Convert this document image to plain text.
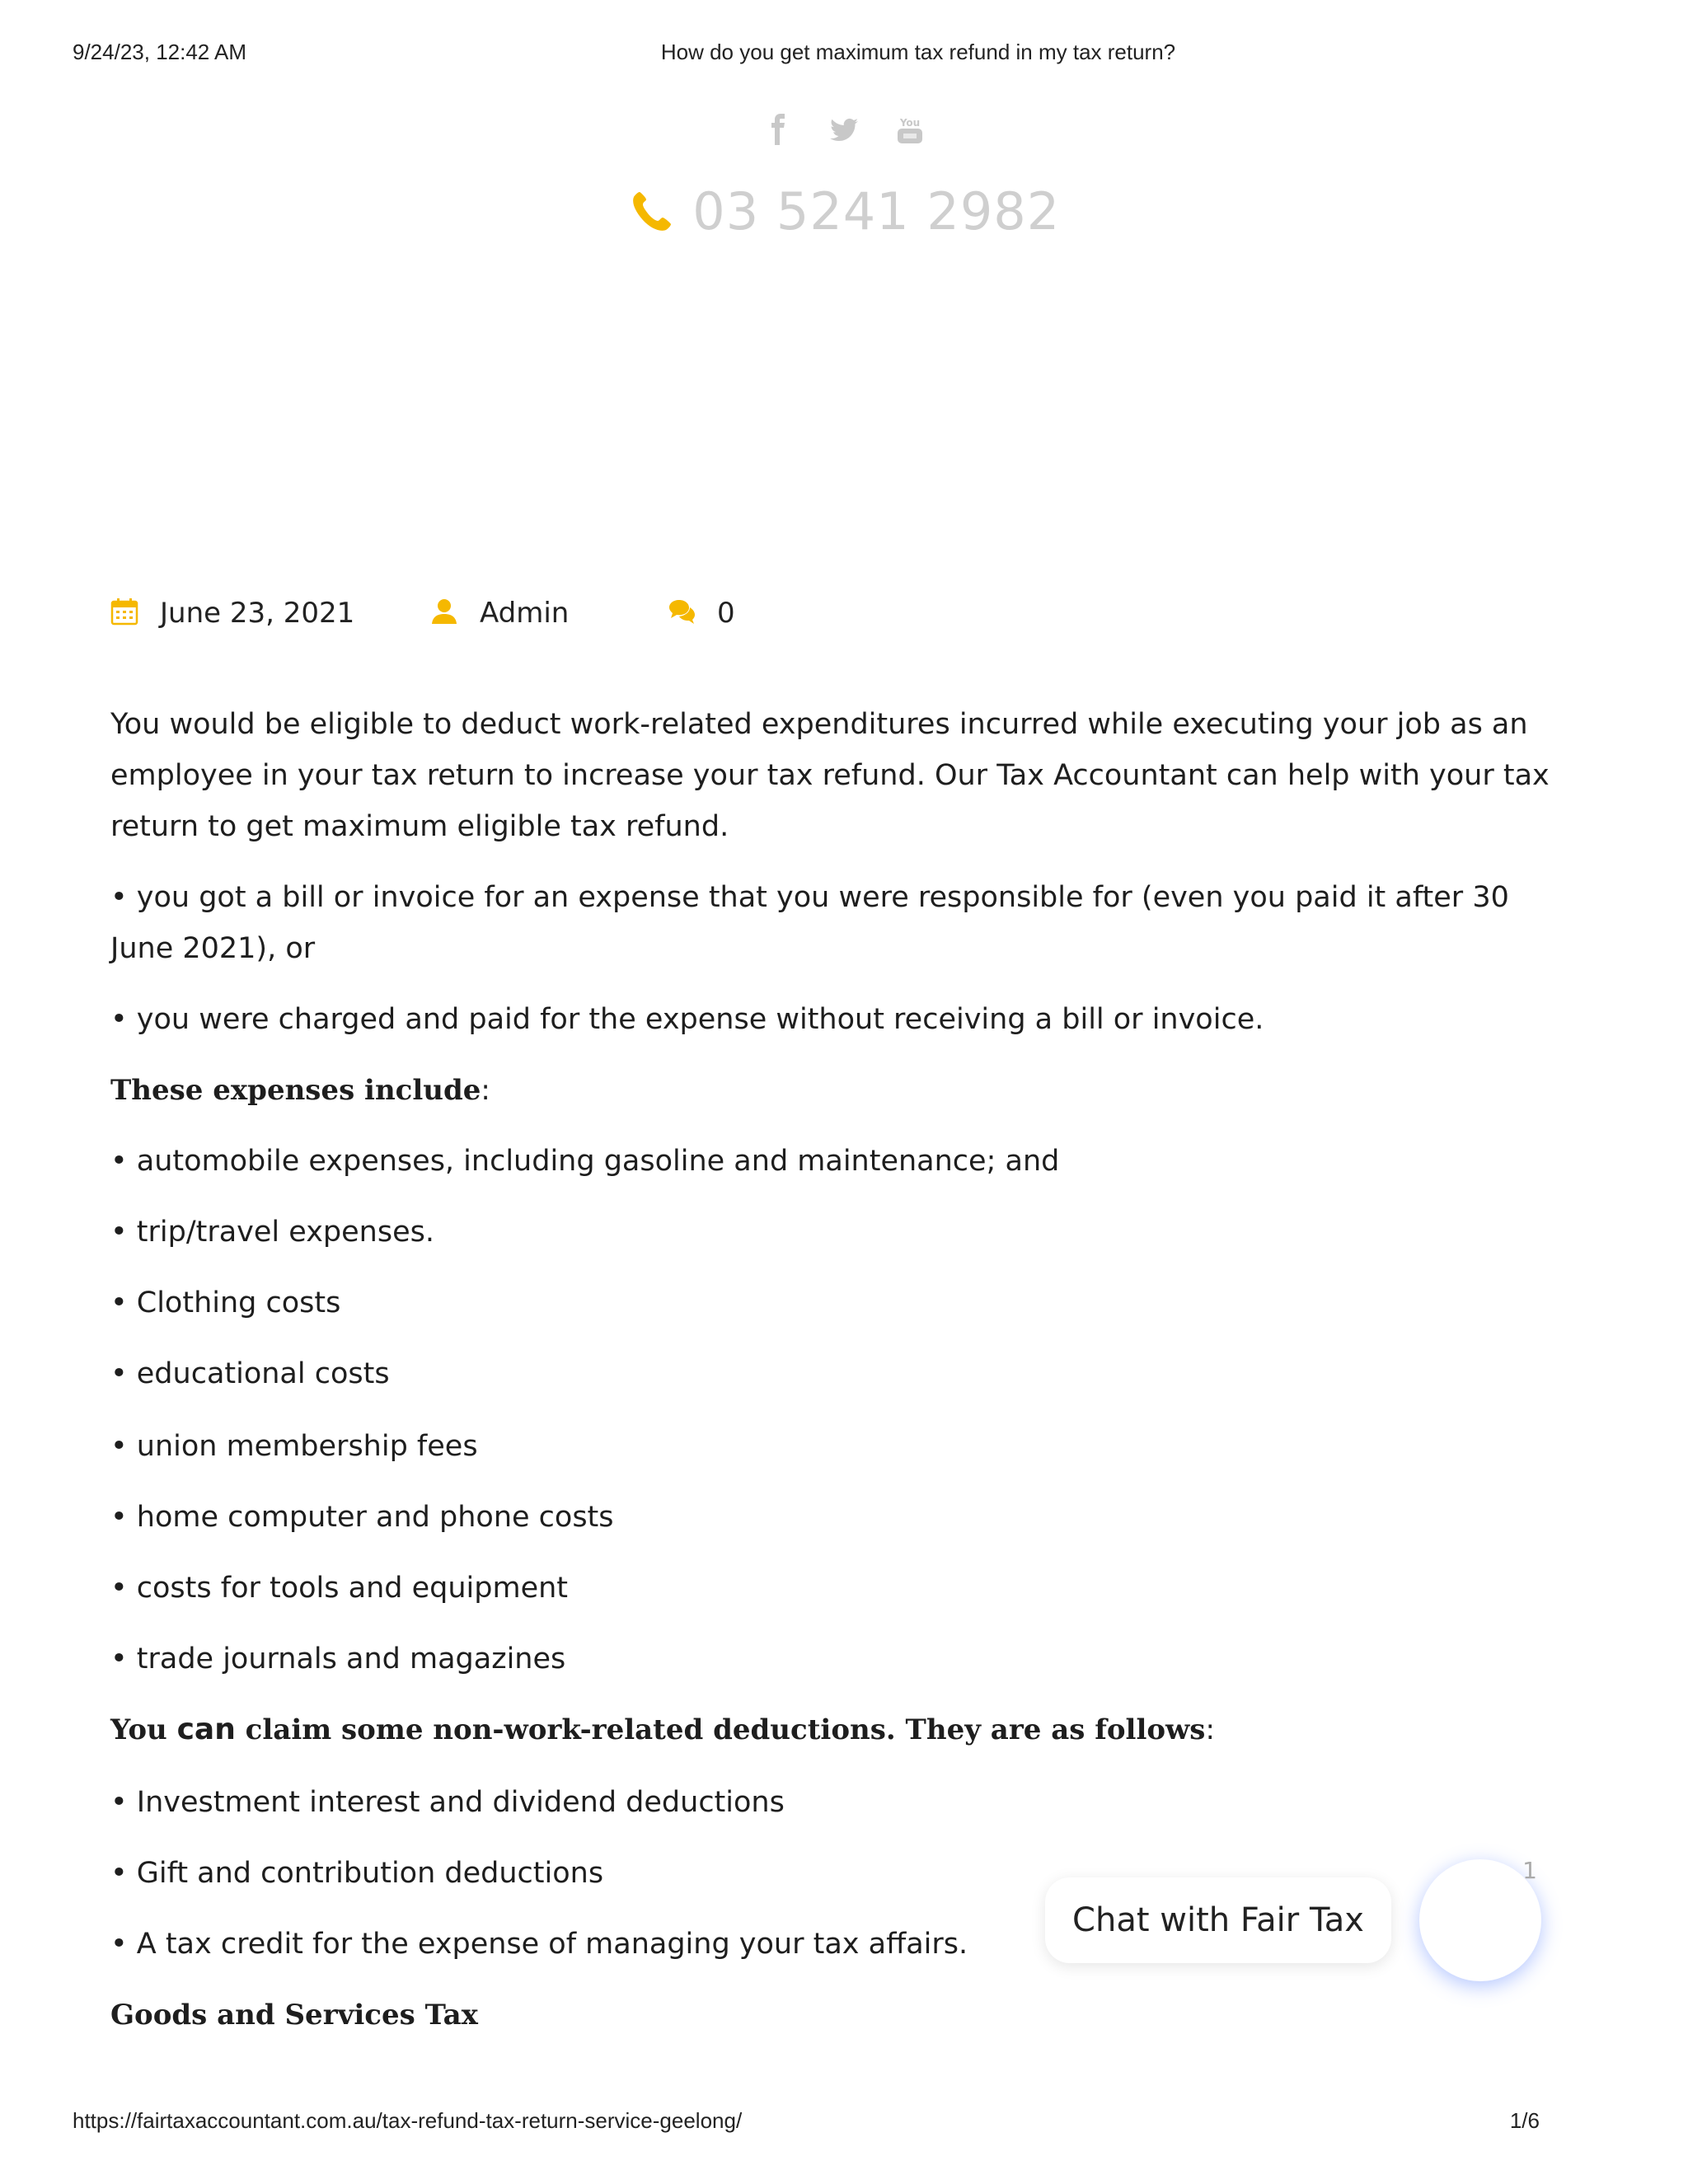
9/24/23, 12:42 AM	How do you get maximum tax refund in my tax return?

You
03 5241 2982
June 23, 2021	Admin	0

You would be eligible to deduct work-related expenditures incurred while executing your job as an employee in your tax return to increase your tax refund. Our Tax Accountant can help with your tax return to get maximum eligible tax refund.

• you got a bill or invoice for an expense that you were responsible for (even you paid it after 30 June 2021), or

• you were charged and paid for the expense without receiving a bill or invoice.

These expenses include:

• automobile expenses, including gasoline and maintenance; and

• trip/travel expenses.

• Clothing costs

• educational costs

• union membership fees

• home computer and phone costs

• costs for tools and equipment

• trade journals and magazines

You can claim some non-work-related deductions. They are as follows:

• Investment interest and dividend deductions

• Gift and contribution deductions

• A tax credit for the expense of managing your tax affairs.

Goods and Services Tax

Chat with Fair Tax
1
https://fairtaxaccountant.com.au/tax-refund-tax-return-service-geelong/	1/6
